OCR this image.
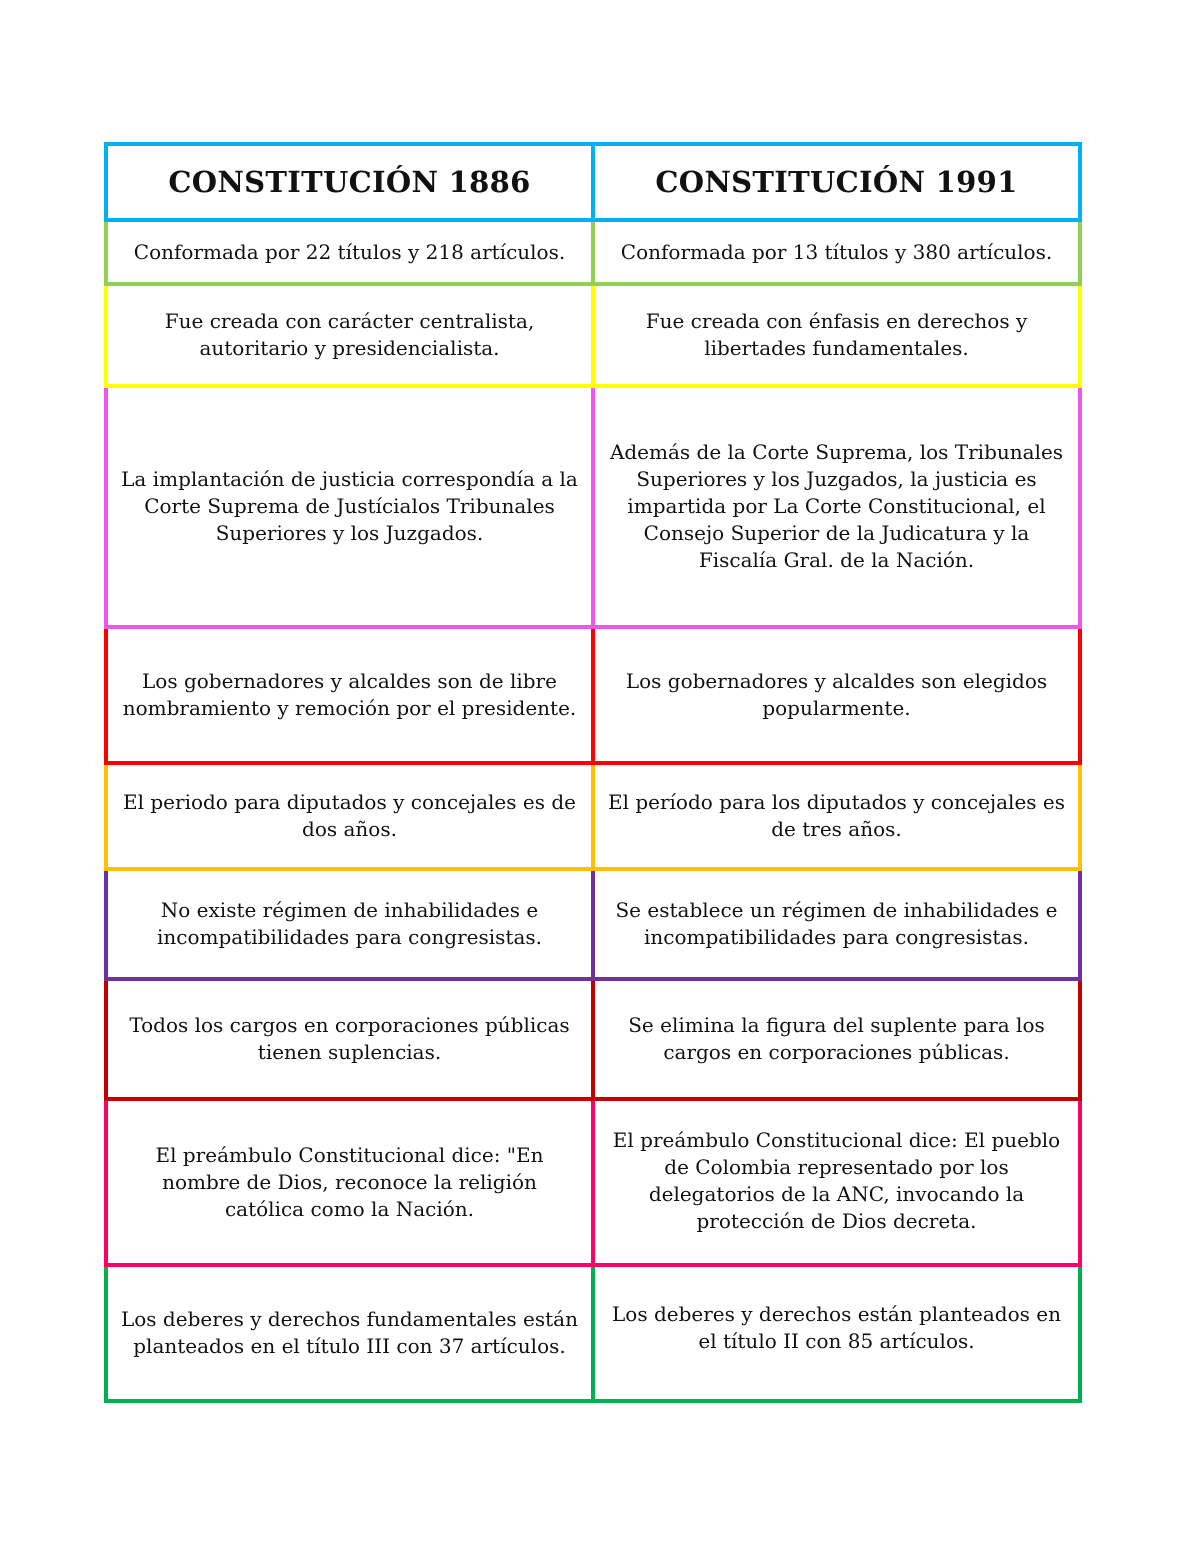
CONSTITUCIÓN 1886	CONSTITUCIÓN 1991
Conformada por 22 títulos y 218 artículos.	Conformada por 13 títulos y 380 artículos.
Fue creada con carácter centralista, autoritario y presidencialista.
Fue creada con énfasis en derechos y libertades fundamentales.
La implantación de justicia correspondía a la Corte Suprema de Justícialos Tribunales Superiores y los Juzgados.
Además de la Corte Suprema, los Tribunales Superiores y los Juzgados, la justicia es impartida por La Corte Constitucional, el Consejo Superior de la Judicatura y la Fiscalía Gral. de la Nación.
Los gobernadores y alcaldes son de libre nombramiento y remoción por el presidente.
Los gobernadores y alcaldes son elegidos popularmente.
El periodo para diputados y concejales es de dos años.
El período para los diputados y concejales es de tres años.
No existe régimen de inhabilidades e incompatibilidades para congresistas.
Se establece un régimen de inhabilidades e incompatibilidades para congresistas.
Todos los cargos en corporaciones públicas tienen suplencias.
Se elimina la figura del suplente para los cargos en corporaciones públicas.
El preámbulo Constitucional dice: "En nombre de Dios, reconoce la religión católica como la Nación.
El preámbulo Constitucional dice: El pueblo de Colombia representado por los delegatorios de la ANC, invocando la protección de Dios decreta.
Los deberes y derechos fundamentales están planteados en el título III con 37 artículos.
Los deberes y derechos están planteados en el título II con 85 artículos.
